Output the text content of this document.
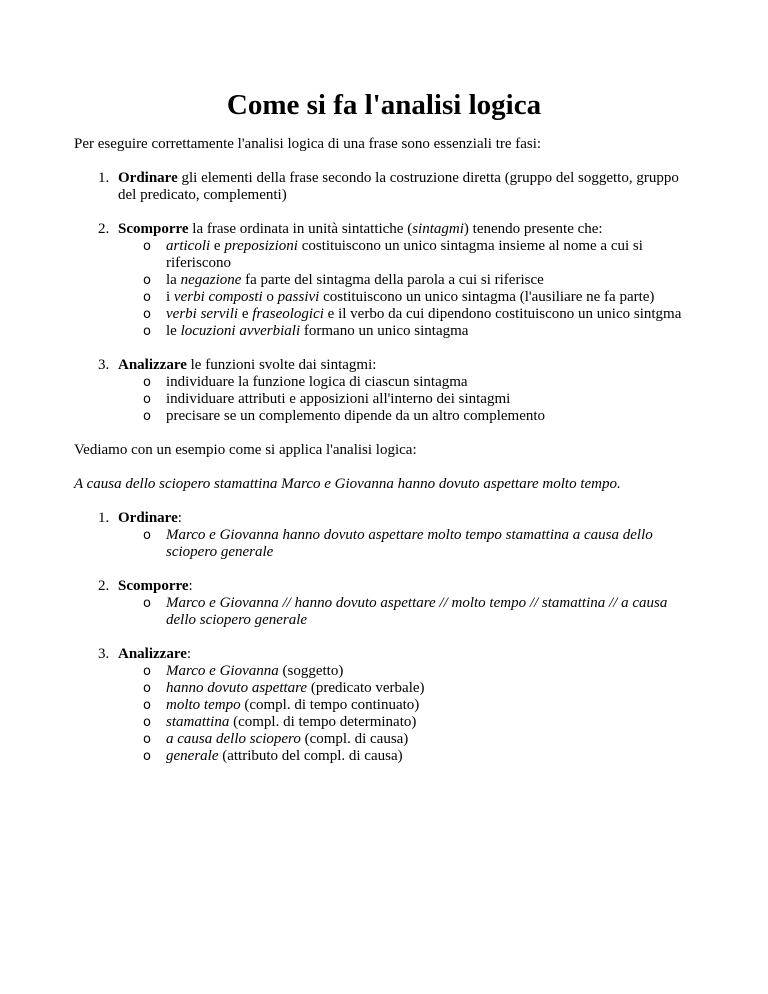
Come si fa l'analisi logica

Per eseguire correttamente l'analisi logica di una frase sono essenziali tre fasi:

1. Ordinare gli elementi della frase secondo la costruzione diretta (gruppo del soggetto, gruppo del predicato, complementi)
2. Scomporre la frase ordinata in unità sintattiche (sintagmi) tenendo presente che:
o articoli e preposizioni costituiscono un unico sintagma insieme al nome a cui si riferiscono
o la negazione fa parte del sintagma della parola a cui si riferisce
o i verbi composti o passivi costituiscono un unico sintagma (l'ausiliare ne fa parte)
o verbi servili e fraseologici e il verbo da cui dipendono costituiscono un unico sintgma
o le locuzioni avverbiali formano un unico sintagma
3. Analizzare le funzioni svolte dai sintagmi:
o individuare la funzione logica di ciascun sintagma
o individuare attributi e apposizioni all'interno dei sintagmi
o precisare se un complemento dipende da un altro complemento

Vediamo con un esempio come si applica l'analisi logica:

A causa dello sciopero stamattina Marco e Giovanna hanno dovuto aspettare molto tempo.

1. Ordinare:
o Marco e Giovanna hanno dovuto aspettare molto tempo stamattina a causa dello sciopero generale
2. Scomporre:
o Marco e Giovanna // hanno dovuto aspettare // molto tempo // stamattina // a causa dello sciopero generale
3. Analizzare:
o Marco e Giovanna (soggetto)
o hanno dovuto aspettare (predicato verbale)
o molto tempo (compl. di tempo continuato)
o stamattina (compl. di tempo determinato)
o a causa dello sciopero (compl. di causa)
o generale (attributo del compl. di causa)
